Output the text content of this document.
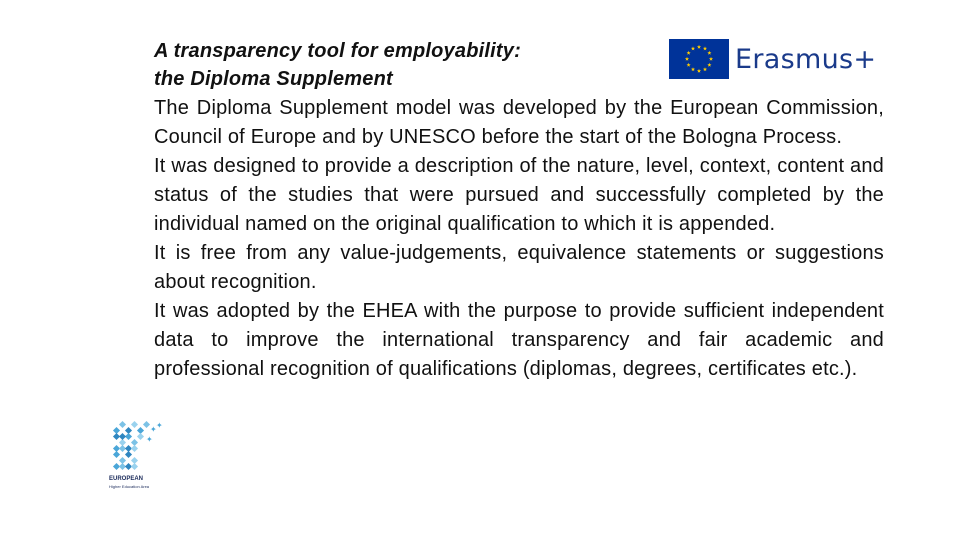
A transparency tool for employability:
the Diploma Supplement
Erasmus+

The Diploma Supplement model was developed by the European Commission, Council of Europe and by UNESCO before the start of the Bologna Process.

It was designed to provide a description of the nature, level, context, content and status of the studies that were pursued and successfully completed by the individual named on the original qualification to which it is appended.

It is free from any value-judgements, equivalence statements or suggestions about recognition.

It was adopted by the EHEA with the purpose to provide sufficient independent data to improve the international transparency and fair academic and professional recognition of qualifications (diplomas, degrees, certificates etc.).

✦ ✦
✦
EUROPEAN
Higher Education Area
